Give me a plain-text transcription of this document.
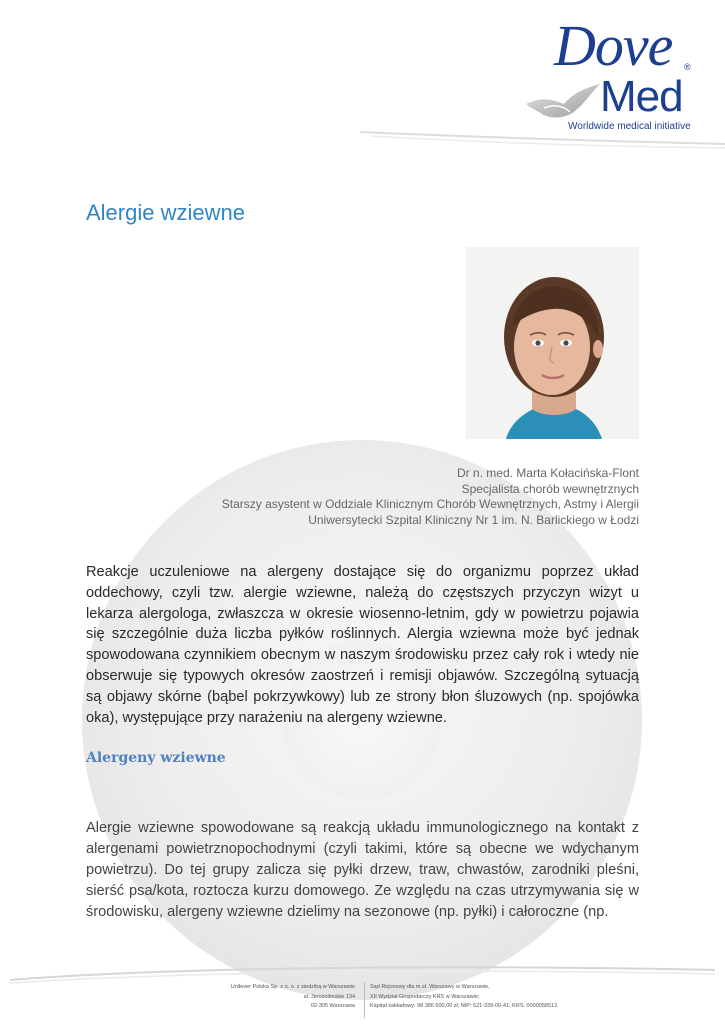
Dove ®
Med
Worldwide medical initiative
Alergie wziewne
Dr n. med. Marta Kołacińska-Flont
Specjalista chorób wewnętrznych
Starszy asystent w Oddziale Klinicznym Chorób Wewnętrznych, Astmy i Alergii
Uniwersytecki Szpital Kliniczny Nr 1 im. N. Barlickiego w Łodzi

Reakcje uczuleniowe na alergeny dostające się do organizmu poprzez układ oddechowy, czyli tzw. alergie wziewne, należą do częstszych przyczyn wizyt u lekarza alergologa, zwłaszcza w okresie wiosenno-letnim, gdy w powietrzu pojawia się szczególnie duża liczba pyłków roślinnych. Alergia wziewna może być jednak spowodowana czynnikiem obecnym w naszym środowisku przez cały rok i wtedy nie obserwuje się typowych okresów zaostrzeń i remisji objawów. Szczególną sytuacją są objawy skórne (bąbel pokrzywkowy) lub ze strony błon śluzowych (np. spojówka oka), występujące przy narażeniu na alergeny wziewne.

Alergeny wziewne

Alergie wziewne spowodowane są reakcją układu immunologicznego na kontakt z alergenami powietrznopochodnymi (czyli takimi, które są obecne we wdychanym powietrzu). Do tej grupy zalicza się pyłki drzew, traw, chwastów, zarodniki pleśni, sierść psa/kota, roztocza kurzu domowego. Ze względu na czas utrzymywania się w środowisku, alergeny wziewne dzielimy na sezonowe (np. pyłki) i całoroczne (np.

Unilever Polska Sp. z o. o. z siedzibą w Warszawie
al. Jerozolimskie 134
02-305 Warszawa
Sąd Rejonowy dla m.st. Warszawy w Warszawie,
XII Wydział Gospodarczy KRS w Warszawie;
Kapitał zakładowy: 98 386 600,00 zł; NIP: 521-339-00-41; KRS: 0000058512.
